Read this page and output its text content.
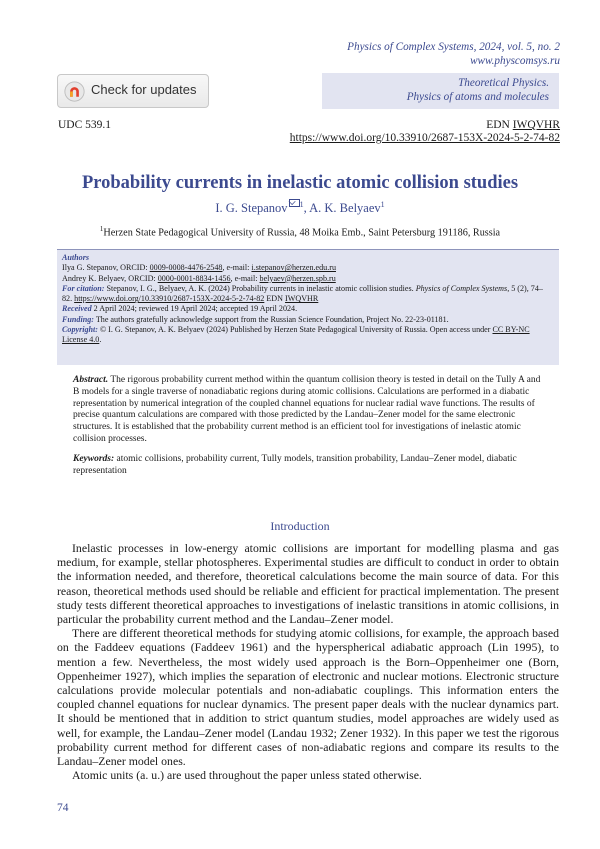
Physics of Complex Systems, 2024, vol. 5, no. 2
www.physcomsys.ru
Check for updates	Theoretical Physics.
Physics of atoms and molecules
UDC 539.1	EDN IWQVHR
https://www.doi.org/10.33910/2687-153X-2024-5-2-74-82
Probability currents in inelastic atomic collision studies
I. G. Stepanov $^1$, A. K. Belyaev$^1$
$^1$Herzen State Pedagogical University of Russia, 48 Moika Emb., Saint Petersburg 191186, Russia

Authors

Ilya G. Stepanov, ORCID: 0009-0008-4476-2548, e-mail: i.stepanov@herzen.edu.ru

Andrey K. Belyaev, ORCID: 0000-0001-8834-1456, e-mail: belyaev@herzen.spb.ru

For citation: Stepanov, I. G., Belyaev, A. K. (2024) Probability currents in inelastic atomic collision studies. Physics of Complex Systems, 5 (2), 74–82. https://www.doi.org/10.33910/2687-153X-2024-5-2-74-82 EDN IWQVHR

Received 2 April 2024; reviewed 19 April 2024; accepted 19 April 2024.

Funding: The authors gratefully acknowledge support from the Russian Science Foundation, Project No. 22-23-01181.

Copyright: © I. G. Stepanov, A. K. Belyaev (2024) Published by Herzen State Pedagogical University of Russia. Open access under CC BY-NC License 4.0.

Abstract. The rigorous probability current method within the quantum collision theory is tested in detail on the Tully A and B models for a single traverse of nonadiabatic regions during atomic collisions. Calculations are performed in a diabatic representation by numerical integration of the coupled channel equations for nuclear radial wave functions. The results of precise quantum calculations are compared with those predicted by the Landau–Zener model for the same electronic structures. It is established that the probability current method is an efficient tool for investigations of inelastic atomic collision processes.

Keywords: atomic collisions, probability current, Tully models, transition probability, Landau–Zener model, diabatic representation

Introduction

Inelastic processes in low-energy atomic collisions are important for modelling plasma and gas medium, for example, stellar photospheres. Experimental studies are difficult to conduct in order to obtain the information needed, and therefore, theoretical calculations become the main source of data. For this reason, theoretical methods used should be reliable and efficient for practical implementation. The present study tests different theoretical approaches to investigations of inelastic transitions in atomic collisions, in particular the probability current method and the Landau–Zener model.

There are different theoretical methods for studying atomic collisions, for example, the approach based on the Faddeev equations (Faddeev 1961) and the hyperspherical adiabatic approach (Lin 1995), to mention a few. Nevertheless, the most widely used approach is the Born–Oppenheimer one (Born, Oppenheimer 1927), which implies the separation of electronic and nuclear motions. Electronic structure calculations provide molecular potentials and non-adiabatic couplings. This information enters the coupled channel equations for nuclear dynamics. The present paper deals with the nuclear dynamics part. It should be mentioned that in addition to strict quantum studies, model approaches are widely used as well, for example, the Landau–Zener model (Landau 1932; Zener 1932). In this paper we test the rigorous probability current method for different cases of non-adiabatic regions and compare its results to the Landau–Zener model ones.

Atomic units (a. u.) are used throughout the paper unless stated otherwise.

74
